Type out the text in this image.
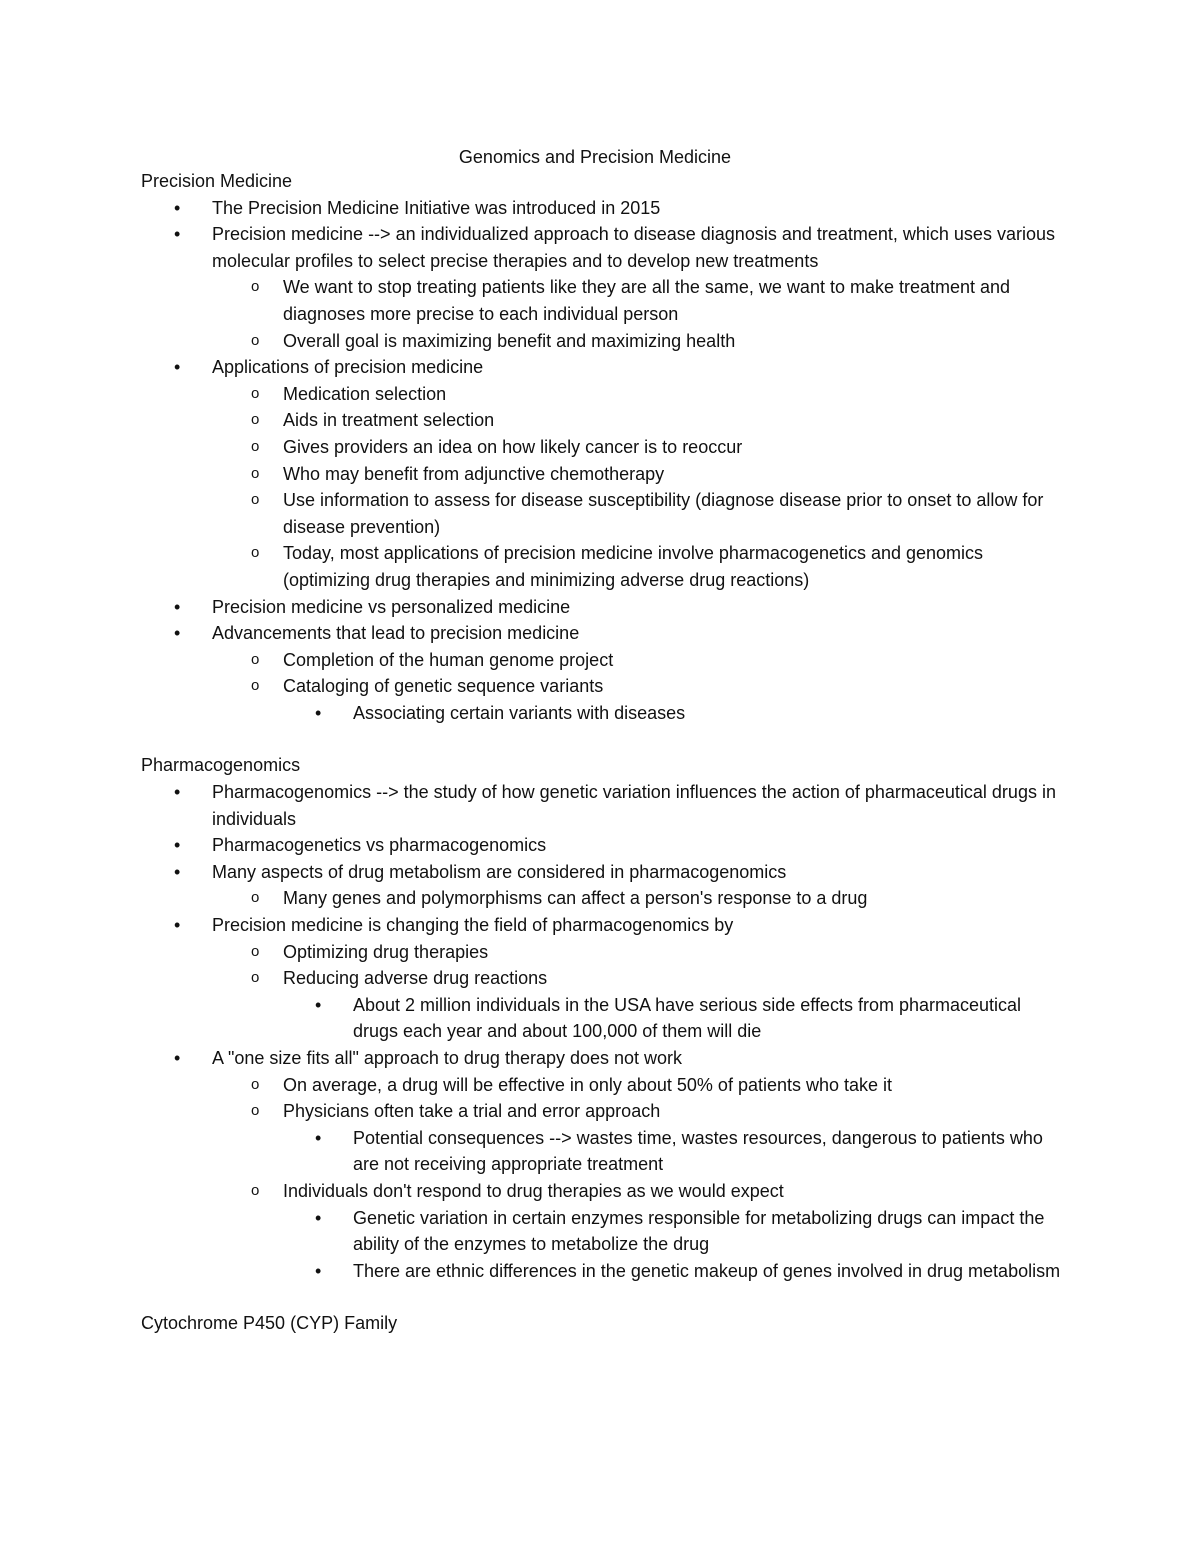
Genomics and Precision Medicine
Precision Medicine
• The Precision Medicine Initiative was introduced in 2015
• Precision medicine --> an individualized approach to disease diagnosis and treatment, which uses various molecular profiles to select precise therapies and to develop new treatments
o We want to stop treating patients like they are all the same, we want to make treatment and diagnoses more precise to each individual person
o Overall goal is maximizing benefit and maximizing health
• Applications of precision medicine
o Medication selection
o Aids in treatment selection
o Gives providers an idea on how likely cancer is to reoccur
o Who may benefit from adjunctive chemotherapy
o Use information to assess for disease susceptibility (diagnose disease prior to onset to allow for disease prevention)
o Today, most applications of precision medicine involve pharmacogenetics and genomics (optimizing drug therapies and minimizing adverse drug reactions)
• Precision medicine vs personalized medicine
• Advancements that lead to precision medicine
o Completion of the human genome project
o Cataloging of genetic sequence variants
• Associating certain variants with diseases
Pharmacogenomics
• Pharmacogenomics --> the study of how genetic variation influences the action of pharmaceutical drugs in individuals
• Pharmacogenetics vs pharmacogenomics
• Many aspects of drug metabolism are considered in pharmacogenomics
o Many genes and polymorphisms can affect a person's response to a drug
• Precision medicine is changing the field of pharmacogenomics by
o Optimizing drug therapies
o Reducing adverse drug reactions
• About 2 million individuals in the USA have serious side effects from pharmaceutical drugs each year and about 100,000 of them will die
• A "one size fits all" approach to drug therapy does not work
o On average, a drug will be effective in only about 50% of patients who take it
o Physicians often take a trial and error approach
• Potential consequences --> wastes time, wastes resources, dangerous to patients who are not receiving appropriate treatment
o Individuals don't respond to drug therapies as we would expect
• Genetic variation in certain enzymes responsible for metabolizing drugs can impact the ability of the enzymes to metabolize the drug
• There are ethnic differences in the genetic makeup of genes involved in drug metabolism
Cytochrome P450 (CYP) Family
